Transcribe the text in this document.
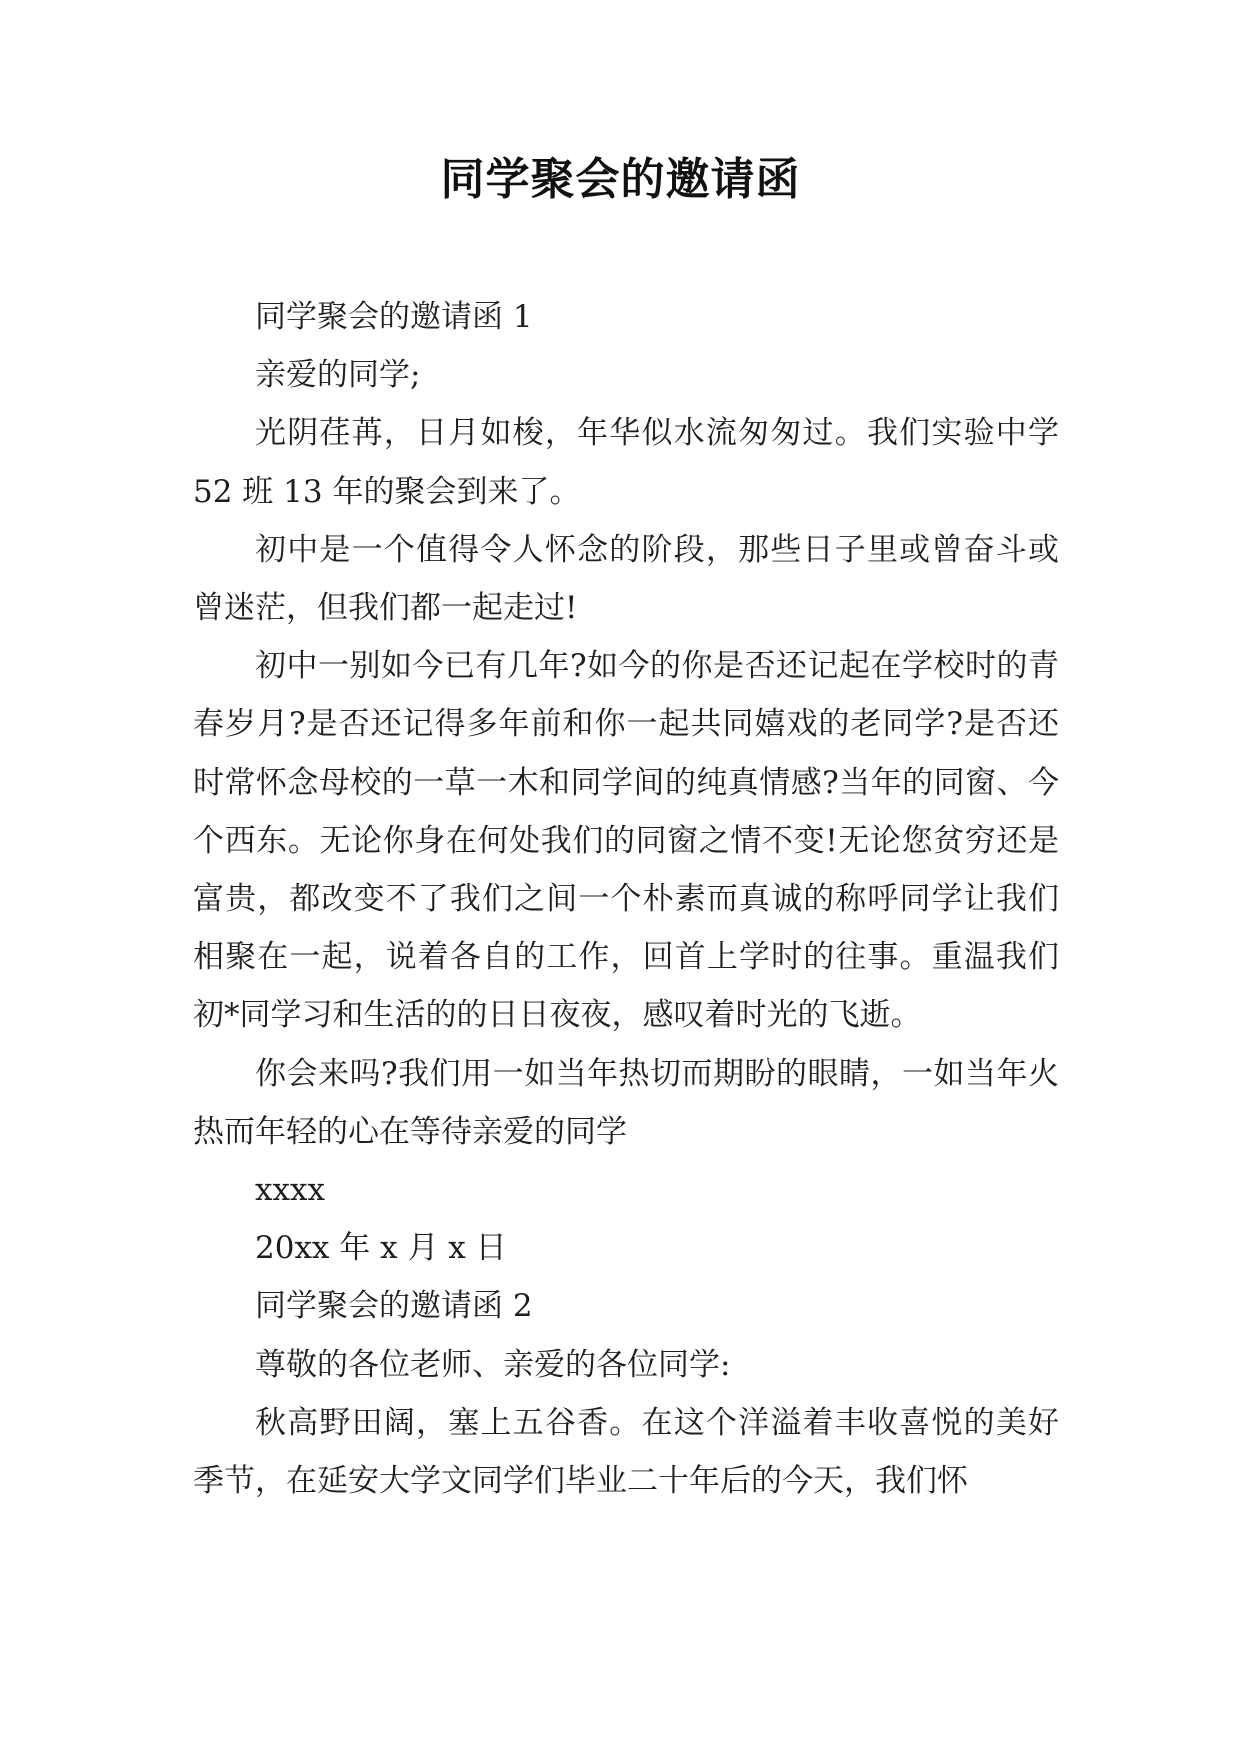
同学聚会的邀请函

同学聚会的邀请函 1

亲爱的同学;

光阴荏苒，日月如梭，年华似水流匆匆过。我们实验中学 52 班 13 年的聚会到来了。

初中是一个值得令人怀念的阶段，那些日子里或曾奋斗或曾迷茫，但我们都一起走过!

初中一别如今已有几年?如今的你是否还记起在学校时的青春岁月?是否还记得多年前和你一起共同嬉戏的老同学?是否还时常怀念母校的一草一木和同学间的纯真情感?当年的同窗、今个西东。无论你身在何处我们的同窗之情不变!无论您贫穷还是富贵，都改变不了我们之间一个朴素而真诚的称呼同学让我们相聚在一起，说着各自的工作，回首上学时的往事。重温我们初*同学习和生活的的日日夜夜，感叹着时光的飞逝。

你会来吗?我们用一如当年热切而期盼的眼睛，一如当年火热而年轻的心在等待亲爱的同学

xxxx

20xx 年 x 月 x 日

同学聚会的邀请函 2

尊敬的各位老师、亲爱的各位同学:

秋高野田阔，塞上五谷香。在这个洋溢着丰收喜悦的美好季节，在延安大学文同学们毕业二十年后的今天，我们怀
